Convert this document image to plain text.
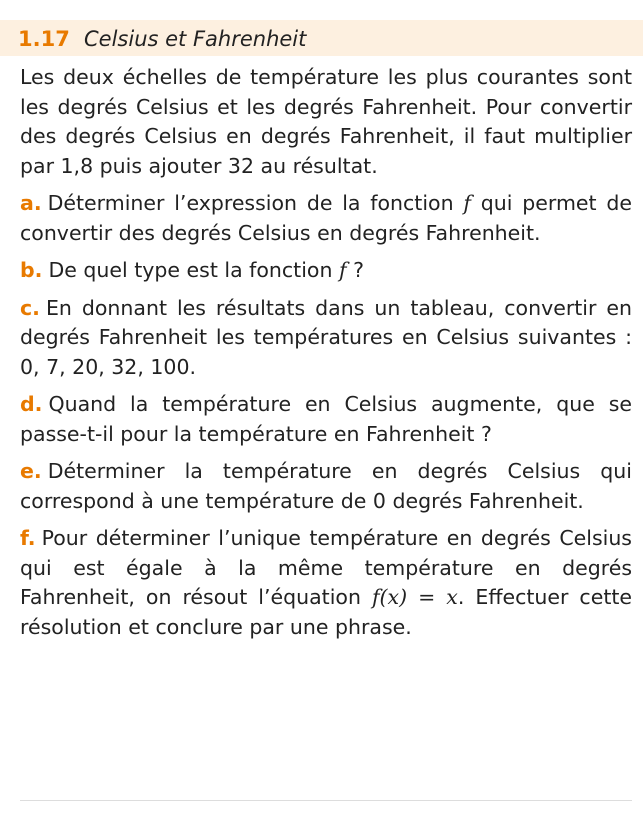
1.17 Celsius et Fahrenheit

Les deux échelles de température les plus courantes sont les degrés Celsius et les degrés Fahrenheit. Pour convertir des degrés Celsius en degrés Fahrenheit, il faut multiplier par 1,8 puis ajouter 32 au résultat.

a. Déterminer l’expression de la fonction f qui permet de convertir des degrés Celsius en degrés Fahrenheit.

b. De quel type est la fonction f ?

c. En donnant les résultats dans un tableau, convertir en degrés Fahrenheit les températures en Celsius suivantes : 0, 7, 20, 32, 100.

d. Quand la température en Celsius augmente, que se passe-t-il pour la température en Fahrenheit ?

e. Déterminer la température en degrés Celsius qui correspond à une température de 0 degrés Fahrenheit.

f. Pour déterminer l’unique température en degrés Celsius qui est égale à la même température en degrés Fahrenheit, on résout l’équation f(x) = x. Effectuer cette résolution et conclure par une phrase.
